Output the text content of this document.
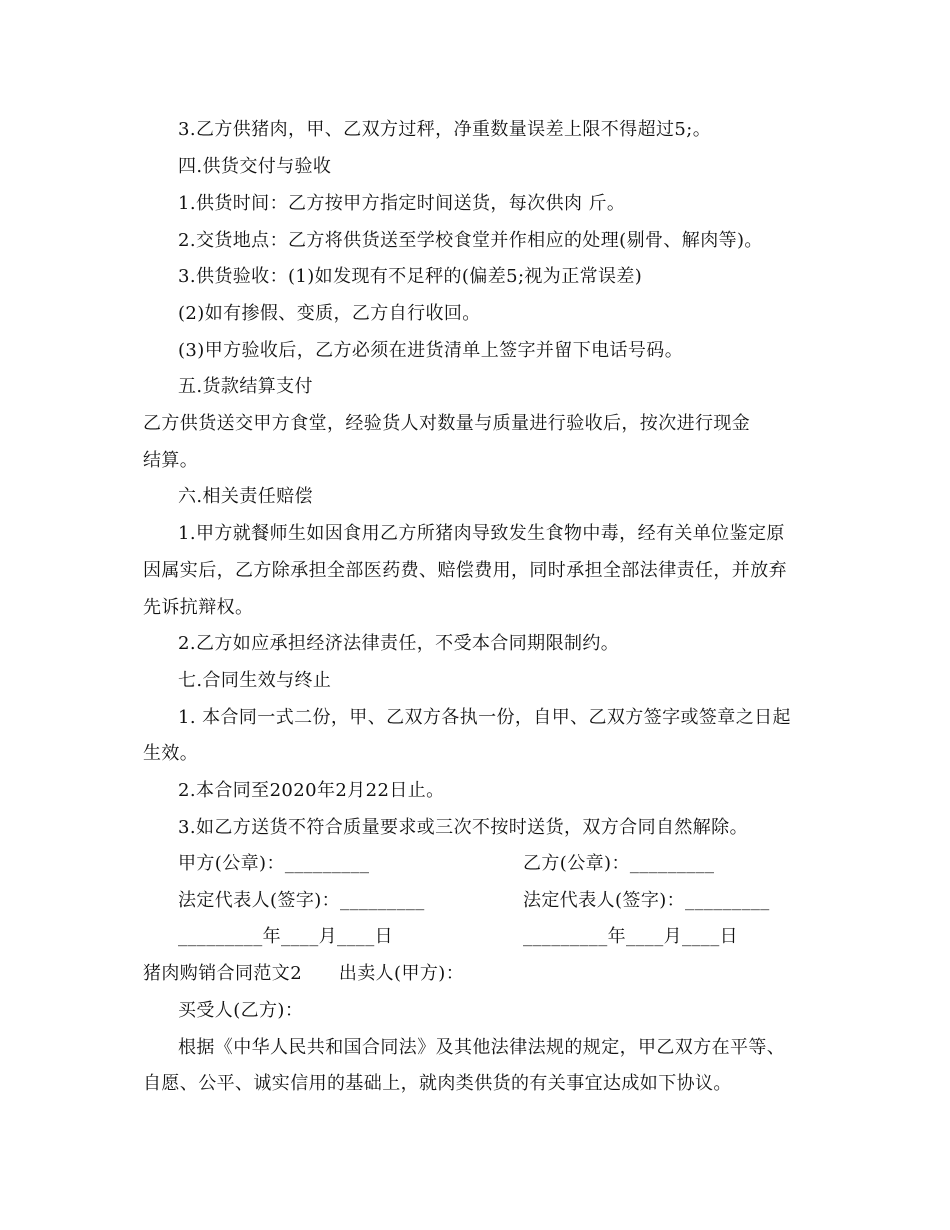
3.乙方供猪肉，甲、乙双方过秤，净重数量误差上限不得超过5;。
四.供货交付与验收
1.供货时间：乙方按甲方指定时间送货，每次供肉 斤。
2.交货地点：乙方将供货送至学校食堂并作相应的处理(剔骨、解肉等)。
3.供货验收：(1)如发现有不足秤的(偏差5;视为正常误差)
(2)如有掺假、变质，乙方自行收回。
(3)甲方验收后，乙方必须在进货清单上签字并留下电话号码。
五.货款结算支付
乙方供货送交甲方食堂，经验货人对数量与质量进行验收后，按次进行现金
结算。
六.相关责任赔偿
1.甲方就餐师生如因食用乙方所猪肉导致发生食物中毒，经有关单位鉴定原
因属实后，乙方除承担全部医药费、赔偿费用，同时承担全部法律责任，并放弃
先诉抗辩权。
2.乙方如应承担经济法律责任，不受本合同期限制约。
七.合同生效与终止
1. 本合同一式二份，甲、乙双方各执一份，自甲、乙双方签字或签章之日起
生效。
2.本合同至2020年2月22日止。
3.如乙方送货不符合质量要求或三次不按时送货，双方合同自然解除。
甲方(公章)：_________	乙方(公章)：_________
法定代表人(签字)：_________	法定代表人(签字)：_________
_________年____月____日	_________年____月____日
猪肉购销合同范文2　　出卖人(甲方)：
买受人(乙方)：
根据《中华人民共和国合同法》及其他法律法规的规定，甲乙双方在平等、
自愿、公平、诚实信用的基础上，就肉类供货的有关事宜达成如下协议。
